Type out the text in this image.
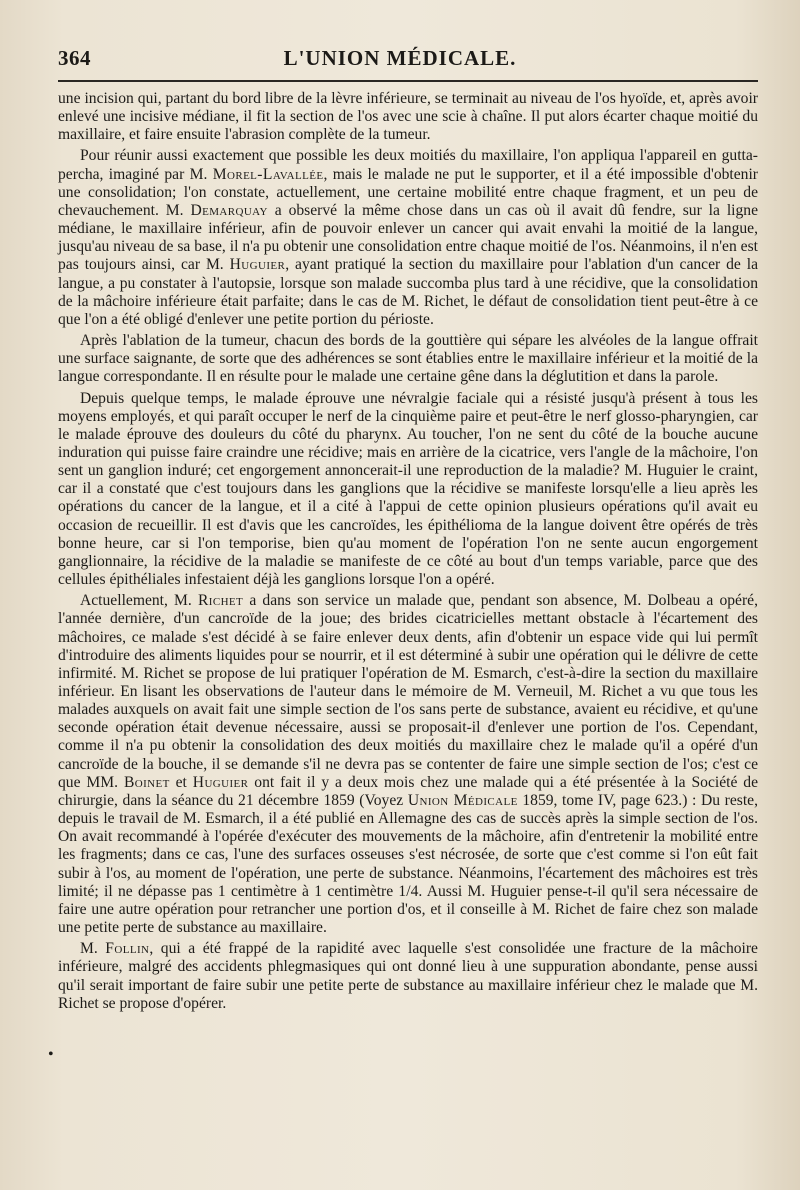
364	L'UNION MÉDICALE.

une incision qui, partant du bord libre de la lèvre inférieure, se terminait au niveau de l'os hyoïde, et, après avoir enlevé une incisive médiane, il fit la section de l'os avec une scie à chaîne. Il put alors écarter chaque moitié du maxillaire, et faire ensuite l'abrasion complète de la tumeur.

Pour réunir aussi exactement que possible les deux moitiés du maxillaire, l'on appliqua l'appareil en gutta-percha, imaginé par M. Morel-Lavallée, mais le malade ne put le supporter, et il a été impossible d'obtenir une consolidation; l'on constate, actuellement, une certaine mobilité entre chaque fragment, et un peu de chevauchement. M. Demarquay a observé la même chose dans un cas où il avait dû fendre, sur la ligne médiane, le maxillaire inférieur, afin de pouvoir enlever un cancer qui avait envahi la moitié de la langue, jusqu'au niveau de sa base, il n'a pu obtenir une consolidation entre chaque moitié de l'os. Néanmoins, il n'en est pas toujours ainsi, car M. Huguier, ayant pratiqué la section du maxillaire pour l'ablation d'un cancer de la langue, a pu constater à l'autopsie, lorsque son malade succomba plus tard à une récidive, que la consolidation de la mâchoire inférieure était parfaite; dans le cas de M. Richet, le défaut de consolidation tient peut-être à ce que l'on a été obligé d'enlever une petite portion du périoste.

Après l'ablation de la tumeur, chacun des bords de la gouttière qui sépare les alvéoles de la langue offrait une surface saignante, de sorte que des adhérences se sont établies entre le maxillaire inférieur et la moitié de la langue correspondante. Il en résulte pour le malade une certaine gêne dans la déglutition et dans la parole.

Depuis quelque temps, le malade éprouve une névralgie faciale qui a résisté jusqu'à présent à tous les moyens employés, et qui paraît occuper le nerf de la cinquième paire et peut-être le nerf glosso-pharyngien, car le malade éprouve des douleurs du côté du pharynx. Au toucher, l'on ne sent du côté de la bouche aucune induration qui puisse faire craindre une récidive; mais en arrière de la cicatrice, vers l'angle de la mâchoire, l'on sent un ganglion induré; cet engorgement annoncerait-il une reproduction de la maladie? M. Huguier le craint, car il a constaté que c'est toujours dans les ganglions que la récidive se manifeste lorsqu'elle a lieu après les opérations du cancer de la langue, et il a cité à l'appui de cette opinion plusieurs opérations qu'il avait eu occasion de recueillir. Il est d'avis que les cancroïdes, les épithélioma de la langue doivent être opérés de très bonne heure, car si l'on temporise, bien qu'au moment de l'opération l'on ne sente aucun engorgement ganglionnaire, la récidive de la maladie se manifeste de ce côté au bout d'un temps variable, parce que des cellules épithéliales infestaient déjà les ganglions lorsque l'on a opéré.

Actuellement, M. Richet a dans son service un malade que, pendant son absence, M. Dolbeau a opéré, l'année dernière, d'un cancroïde de la joue; des brides cicatricielles mettant obstacle à l'écartement des mâchoires, ce malade s'est décidé à se faire enlever deux dents, afin d'obtenir un espace vide qui lui permît d'introduire des aliments liquides pour se nourrir, et il est déterminé à subir une opération qui le délivre de cette infirmité. M. Richet se propose de lui pratiquer l'opération de M. Esmarch, c'est-à-dire la section du maxillaire inférieur. En lisant les observations de l'auteur dans le mémoire de M. Verneuil, M. Richet a vu que tous les malades auxquels on avait fait une simple section de l'os sans perte de substance, avaient eu récidive, et qu'une seconde opération était devenue nécessaire, aussi se proposait-il d'enlever une portion de l'os. Cependant, comme il n'a pu obtenir la consolidation des deux moitiés du maxillaire chez le malade qu'il a opéré d'un cancroïde de la bouche, il se demande s'il ne devra pas se contenter de faire une simple section de l'os; c'est ce que MM. Boinet et Huguier ont fait il y a deux mois chez une malade qui a été présentée à la Société de chirurgie, dans la séance du 21 décembre 1859 (Voyez Union Médicale 1859, tome IV, page 623.) : Du reste, depuis le travail de M. Esmarch, il a été publié en Allemagne des cas de succès après la simple section de l'os. On avait recommandé à l'opérée d'exécuter des mouvements de la mâchoire, afin d'entretenir la mobilité entre les fragments; dans ce cas, l'une des surfaces osseuses s'est nécrosée, de sorte que c'est comme si l'on eût fait subir à l'os, au moment de l'opération, une perte de substance. Néanmoins, l'écartement des mâchoires est très limité; il ne dépasse pas 1 centimètre à 1 centimètre 1/4. Aussi M. Huguier pense-t-il qu'il sera nécessaire de faire une autre opération pour retrancher une portion d'os, et il conseille à M. Richet de faire chez son malade une petite perte de substance au maxillaire.

M. Follin, qui a été frappé de la rapidité avec laquelle s'est consolidée une fracture de la mâchoire inférieure, malgré des accidents phlegmasiques qui ont donné lieu à une suppuration abondante, pense aussi qu'il serait important de faire subir une petite perte de substance au maxillaire inférieur chez le malade que M. Richet se propose d'opérer.

•
